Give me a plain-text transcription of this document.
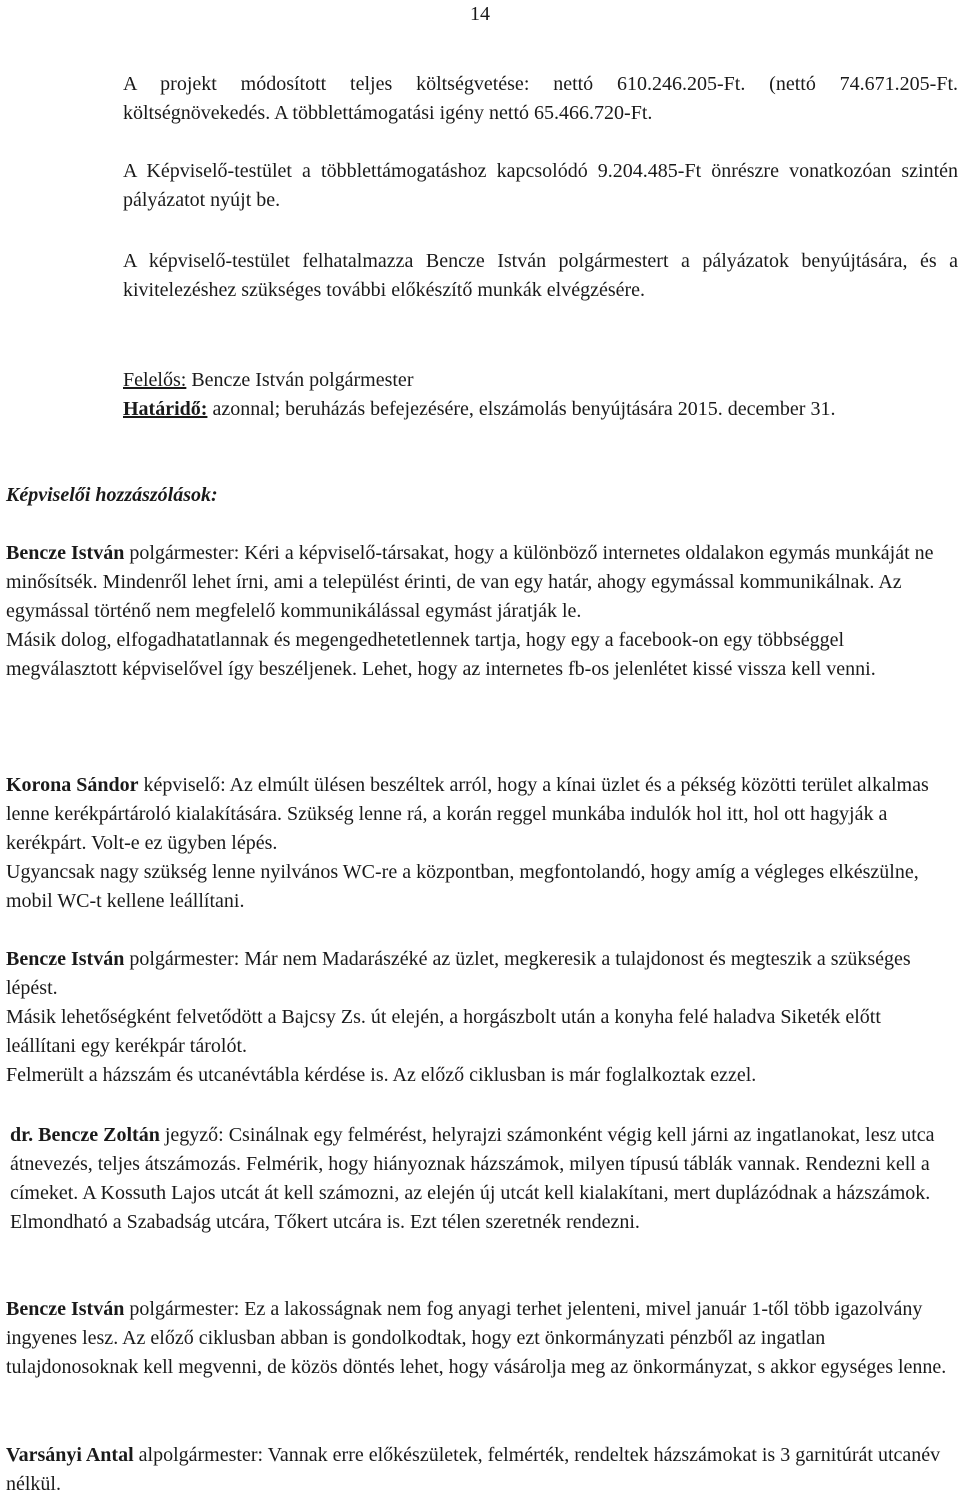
14

A projekt módosított teljes költségvetése: nettó 610.246.205-Ft. (nettó 74.671.205-Ft. költségnövekedés. A többlettámogatási igény nettó 65.466.720-Ft.

A Képviselő-testület a többlettámogatáshoz kapcsolódó 9.204.485-Ft önrészre vonatkozóan szintén pályázatot nyújt be.

A képviselő-testület felhatalmazza Bencze István polgármestert a pályázatok benyújtására, és a kivitelezéshez szükséges további előkészítő munkák elvégzésére.

Felelős: Bencze István polgármester
Határidő: azonnal; beruházás befejezésére, elszámolás benyújtására 2015. december 31.
Képviselői hozzászólások:
Bencze István polgármester: Kéri a képviselő-társakat, hogy a különböző internetes oldalakon egymás munkáját ne minősítsék. Mindenről lehet írni, ami a települést érinti, de van egy határ, ahogy egymással kommunikálnak. Az egymással történő nem megfelelő kommunikálással egymást járatják le.
Másik dolog, elfogadhatatlannak és megengedhetetlennek tartja, hogy egy a facebook-on egy többséggel megválasztott képviselővel így beszéljenek. Lehet, hogy az internetes fb-os jelenlétet kissé vissza kell venni.
Korona Sándor képviselő: Az elmúlt ülésen beszéltek arról, hogy a kínai üzlet és a pékség közötti terület alkalmas lenne kerékpártároló kialakítására. Szükség lenne rá, a korán reggel munkába indulók hol itt, hol ott hagyják a kerékpárt. Volt-e ez ügyben lépés.
Ugyancsak nagy szükség lenne nyilvános WC-re a központban, megfontolandó, hogy amíg a végleges elkészülne, mobil WC-t kellene leállítani.
Bencze István polgármester: Már nem Madarászéké az üzlet, megkeresik a tulajdonost és megteszik a szükséges lépést.
Másik lehetőségként felvetődött a Bajcsy Zs. út elején, a horgászbolt után a konyha felé haladva Siketék előtt leállítani egy kerékpár tárolót.
Felmerült a házszám és utcanévtábla kérdése is. Az előző ciklusban is már foglalkoztak ezzel.
dr. Bencze Zoltán jegyző: Csinálnak egy felmérést, helyrajzi számonként végig kell járni az ingatlanokat, lesz utca átnevezés, teljes átszámozás. Felmérik, hogy hiányoznak házszámok, milyen típusú táblák vannak. Rendezni kell a címeket. A Kossuth Lajos utcát át kell számozni, az elején új utcát kell kialakítani, mert duplázódnak a házszámok. Elmondható a Szabadság utcára, Tőkert utcára is. Ezt télen szeretnék rendezni.
Bencze István polgármester: Ez a lakosságnak nem fog anyagi terhet jelenteni, mivel január 1-től több igazolvány ingyenes lesz. Az előző ciklusban abban is gondolkodtak, hogy ezt önkormányzati pénzből az ingatlan tulajdonosoknak kell megvenni, de közös döntés lehet, hogy vásárolja meg az önkormányzat, s akkor egységes lenne.
Varsányi Antal alpolgármester: Vannak erre előkészületek, felmérték, rendeltek házszámokat is 3 garnitúrát utcanév nélkül.
